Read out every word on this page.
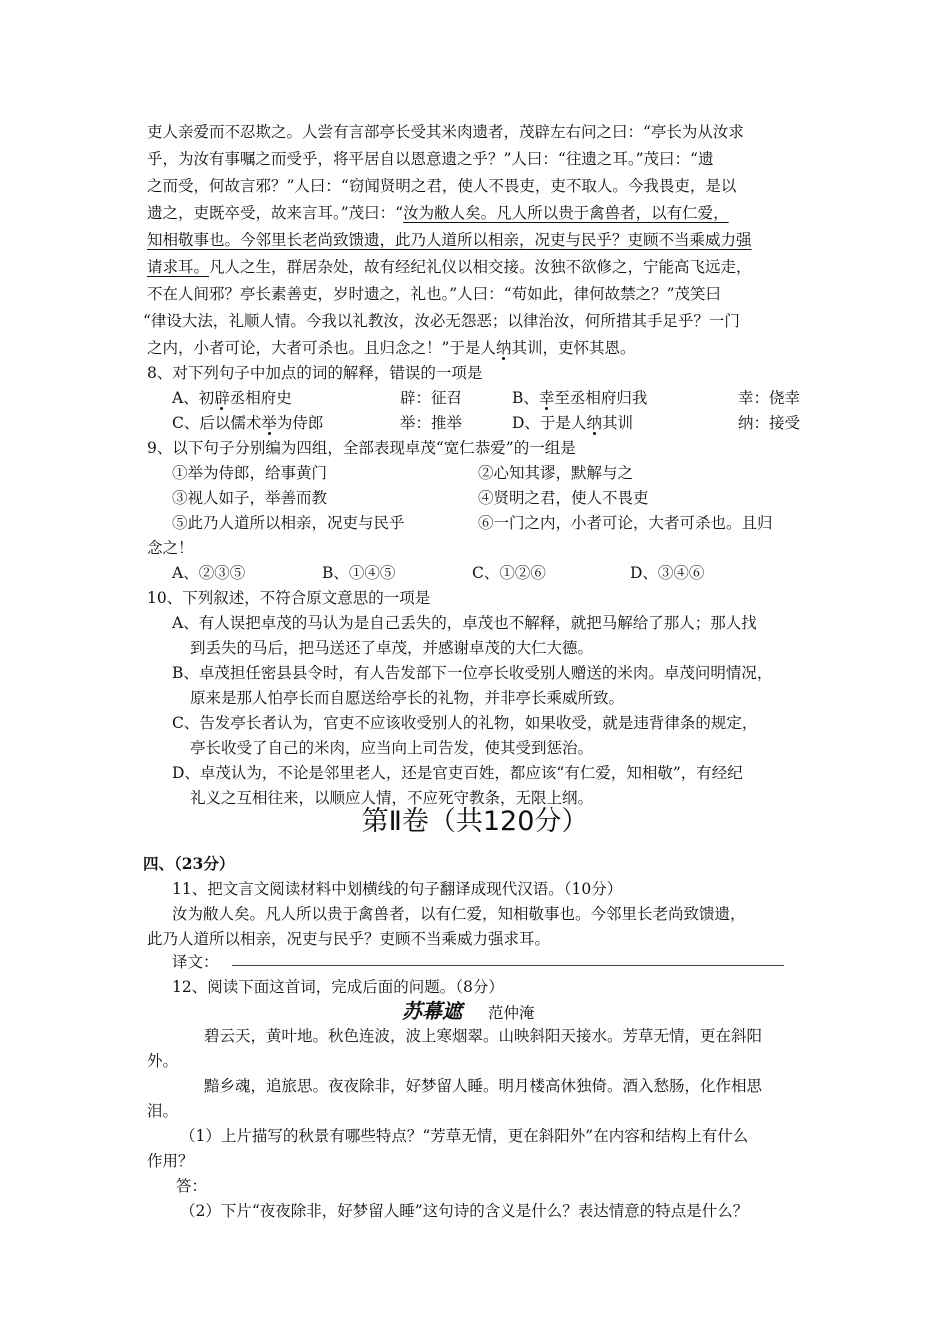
吏人亲爱而不忍欺之。人尝有言部亭长受其米肉遗者，茂辟左右问之曰：“亭长为从汝求
乎，为汝有事嘱之而受乎，将平居自以恩意遗之乎？”人曰：“往遗之耳。”茂曰：“遗
之而受，何故言邪？”人曰：“窃闻贤明之君，使人不畏吏，吏不取人。今我畏吏，是以
遗之，吏既卒受，故来言耳。”茂曰：“汝为敝人矣。凡人所以贵于禽兽者，以有仁爱，
知相敬事也。今邻里长老尚致馈遗，此乃人道所以相亲，况吏与民乎？吏顾不当乘威力强
请求耳。凡人之生，群居杂处，故有经纪礼仪以相交接。汝独不欲修之，宁能高飞远走，
不在人间邪？亭长素善吏，岁时遗之，礼也。”人曰：“苟如此，律何故禁之？”茂笑曰
“律设大法，礼顺人情。今我以礼教汝，汝必无怨恶；以律治汝，何所措其手足乎？一门
之内，小者可论，大者可杀也。且归念之！”于是人纳其训，吏怀其恩。
8、对下列句子中加点的词的解释，错误的一项是
A、初辟丞相府史	辟：征召	B、幸至丞相府归我	幸：侥幸
C、后以儒术举为侍郎	举：推举	D、于是人纳其训	纳：接受
9、以下句子分别编为四组，全部表现卓茂“宽仁恭爱”的一组是
①举为侍郎，给事黄门	②心知其谬，默解与之
③视人如子，举善而教	④贤明之君，使人不畏吏
⑤此乃人道所以相亲，况吏与民乎	⑥一门之内，小者可论，大者可杀也。且归
念之！
A、②③⑤	B、①④⑤	C、①②⑥	D、③④⑥
10、下列叙述，不符合原文意思的一项是
A、有人误把卓茂的马认为是自己丢失的，卓茂也不解释，就把马解给了那人；那人找
到丢失的马后，把马送还了卓茂，并感谢卓茂的大仁大德。
B、卓茂担任密县县令时，有人告发部下一位亭长收受别人赠送的米肉。卓茂问明情况，
原来是那人怕亭长而自愿送给亭长的礼物，并非亭长乘威所致。
C、告发亭长者认为，官吏不应该收受别人的礼物，如果收受，就是违背律条的规定，
亭长收受了自己的米肉，应当向上司告发，使其受到惩治。
D、卓茂认为，不论是邻里老人，还是官吏百姓，都应该“有仁爱，知相敬”，有经纪
礼义之互相往来，以顺应人情，不应死守教条，无限上纲。
第Ⅱ卷（共120分）
四、（23分）
11、把文言文阅读材料中划横线的句子翻译成现代汉语。（10分）
汝为敝人矣。凡人所以贵于禽兽者，以有仁爱，知相敬事也。今邻里长老尚致馈遗，
此乃人道所以相亲，况吏与民乎？吏顾不当乘威力强求耳。
译文：
12、阅读下面这首词，完成后面的问题。（8分）
苏幕遮 范仲淹
碧云天，黄叶地。秋色连波，波上寒烟翠。山映斜阳天接水。芳草无情，更在斜阳
外。
黯乡魂，追旅思。夜夜除非，好梦留人睡。明月楼高休独倚。酒入愁肠，化作相思
泪。
（1）上片描写的秋景有哪些特点？“芳草无情，更在斜阳外”在内容和结构上有什么
作用？
答：
（2）下片“夜夜除非，好梦留人睡”这句诗的含义是什么？表达情意的特点是什么？
